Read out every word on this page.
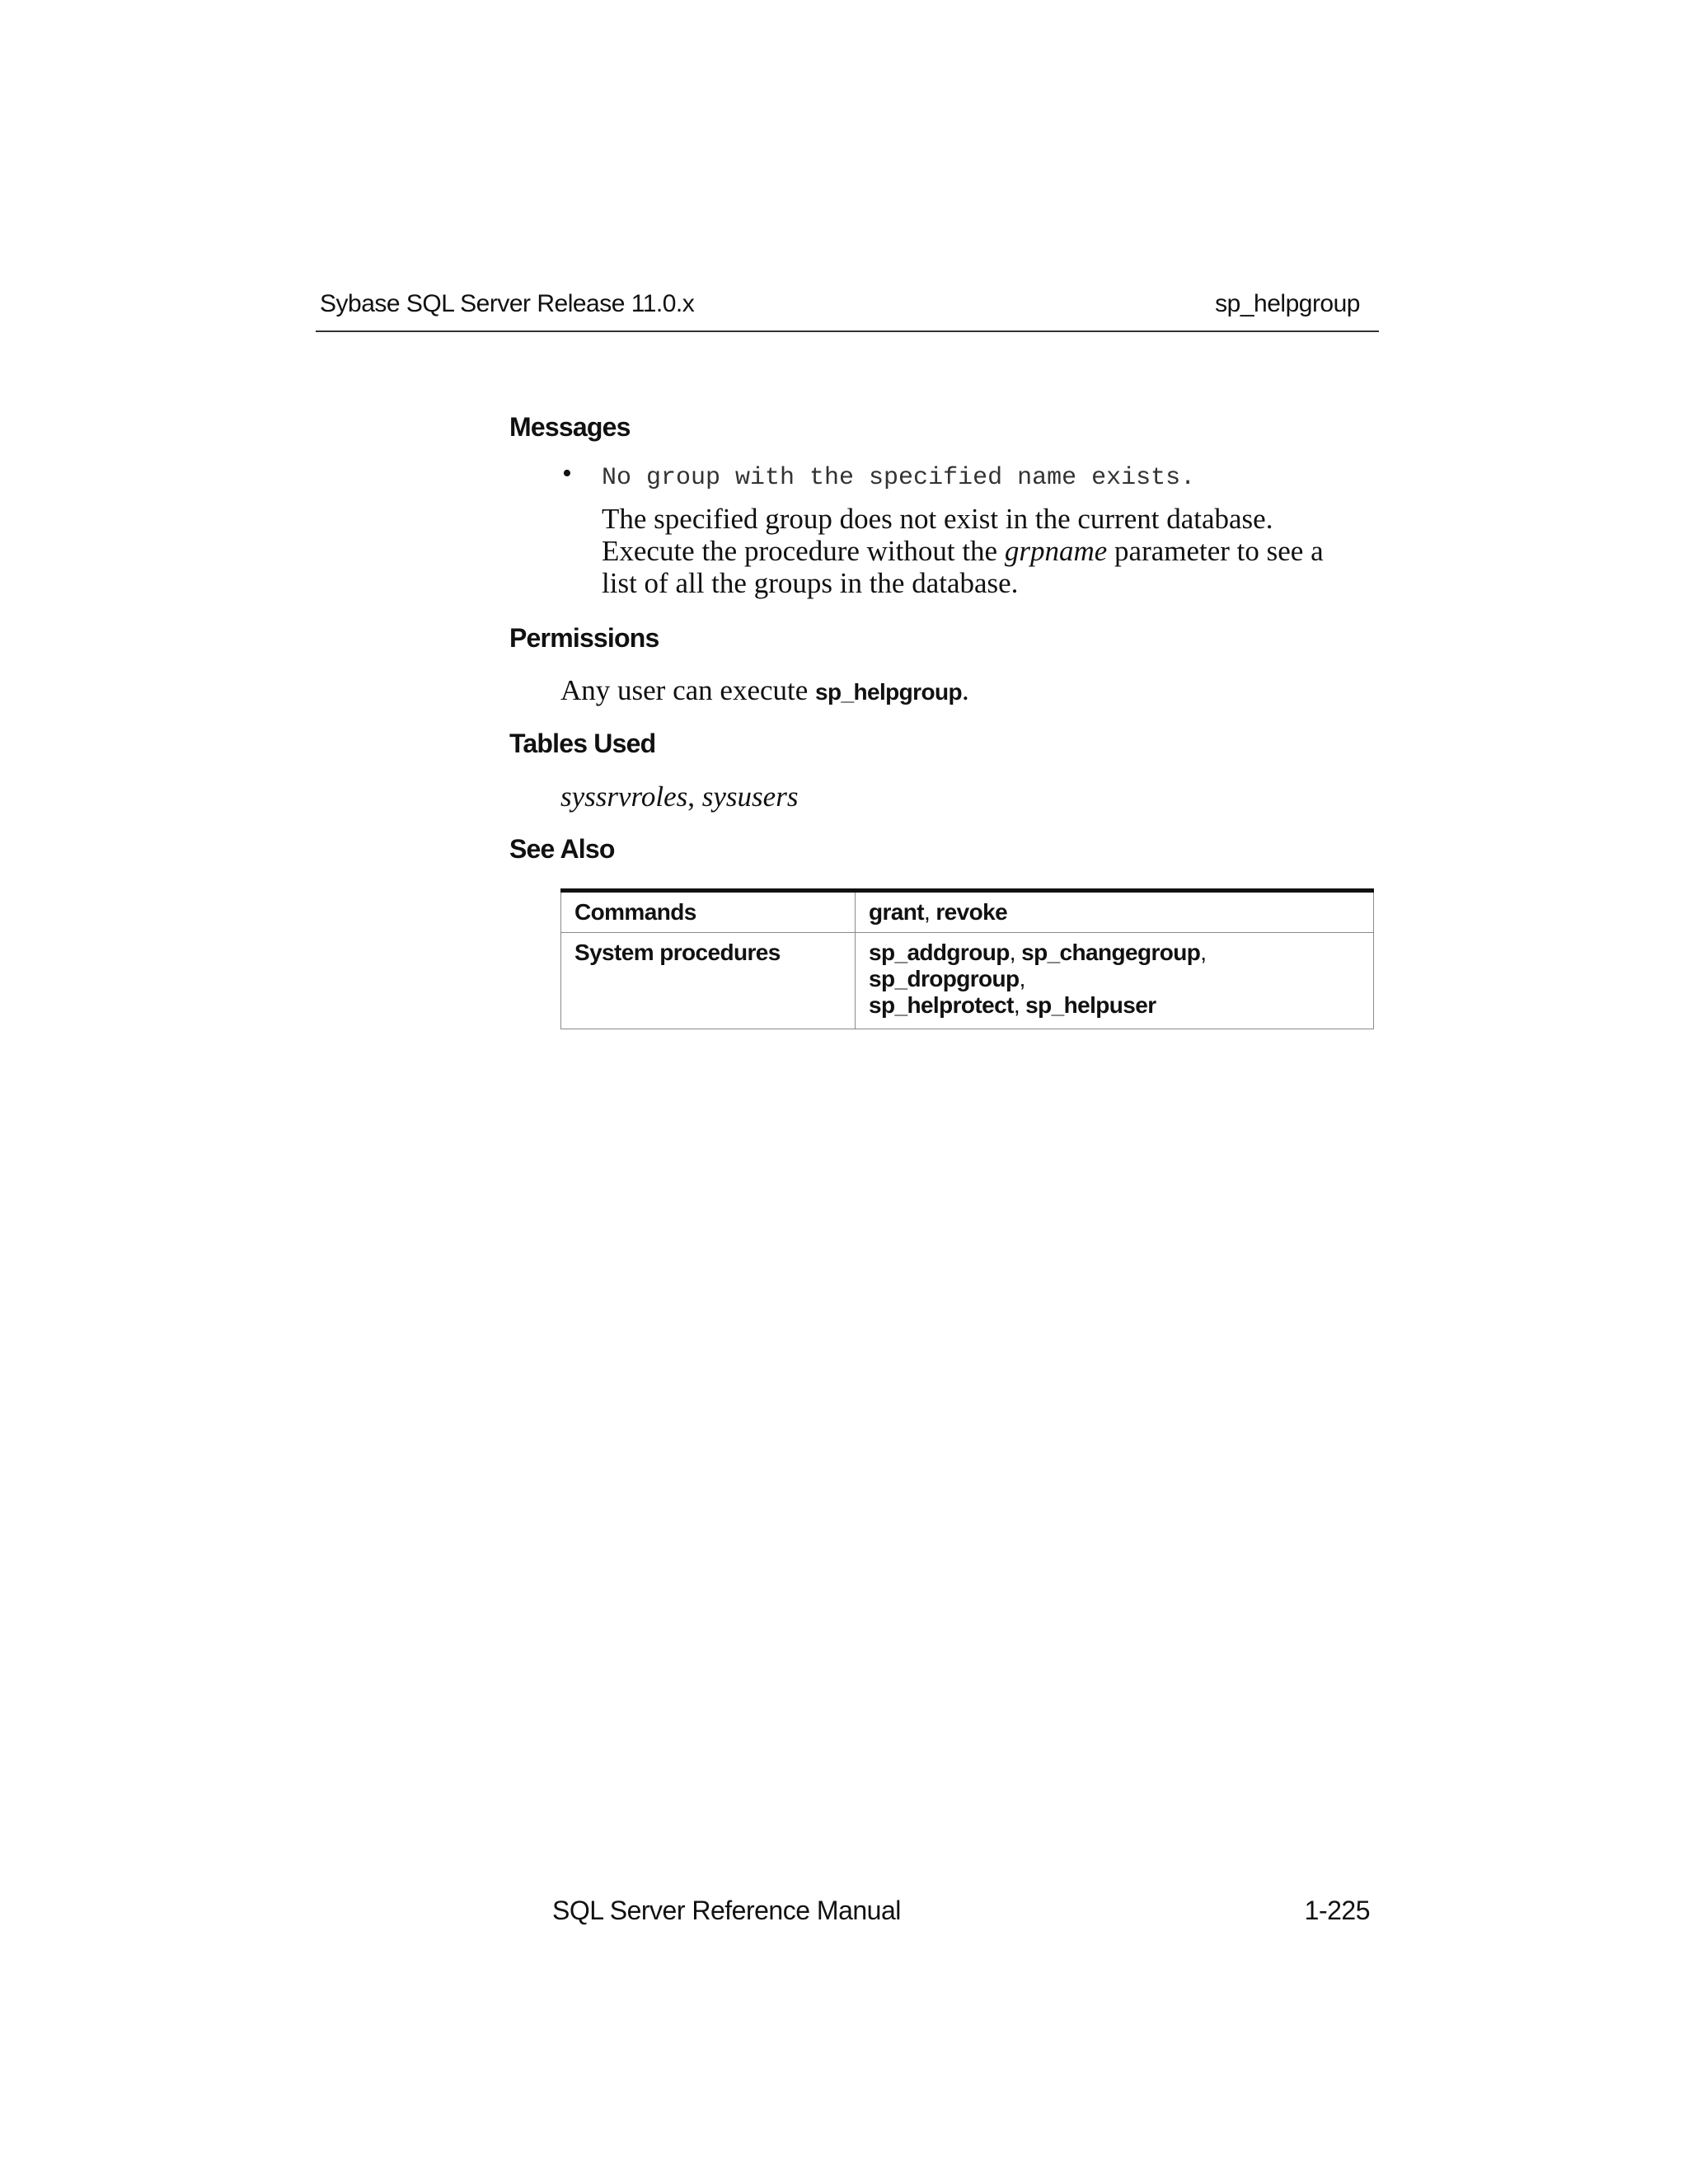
Sybase SQL Server Release 11.0.x	sp_helpgroup
Messages
• No group with the specified name exists.
The specified group does not exist in the current database.
Execute the procedure without the grpname parameter to see a
list of all the groups in the database.
Permissions
Any user can execute sp_helpgroup.
Tables Used
syssrvroles, sysusers
See Also
Commands	grant, revoke
System procedures	sp_addgroup, sp_changegroup, sp_dropgroup,
sp_helprotect, sp_helpuser
SQL Server Reference Manual	1-225
